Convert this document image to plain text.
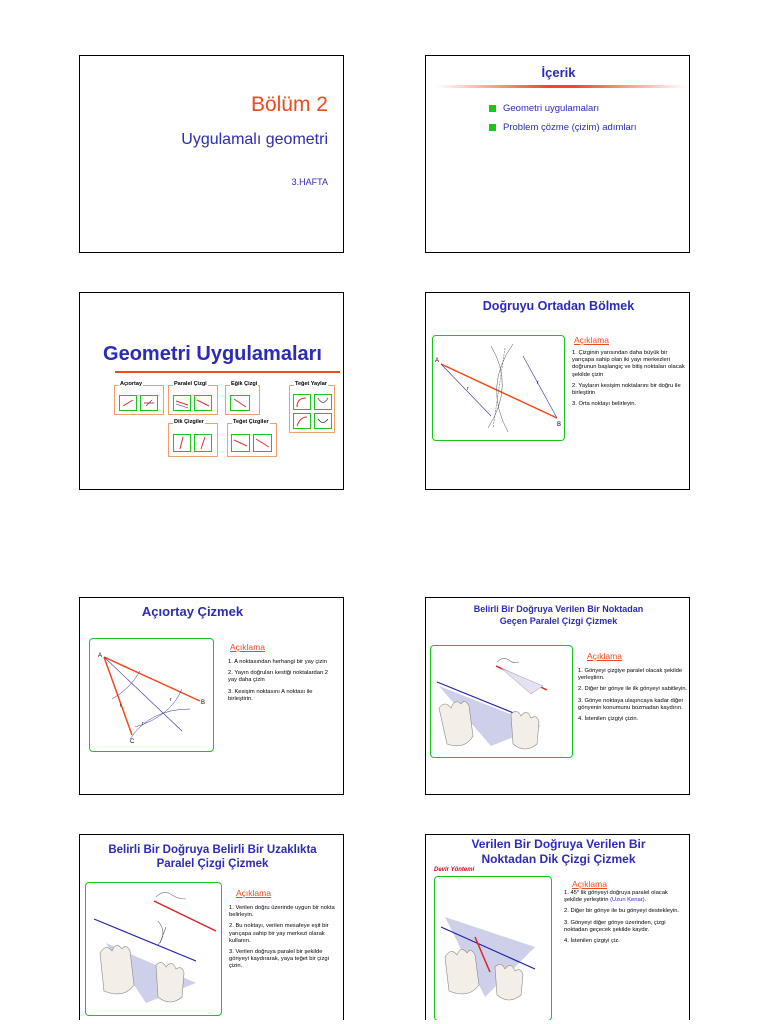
Bölüm 2
Uygulamalı geometri
3.HAFTA
İçerik
Geometri uygulamaları
Problem çözme (çizim) adımları
Geometri Uygulamaları
Açıortay	Paralel Çizgi	Eğik Çizgi	Teğet Yaylar
Dik Çizgiler	Teğet Çizgiler
Doğruyu Ortadan Bölmek
A
B
r
r
Açıklama

1. Çizginin yarısından daha büyük bir yarıçapa sahip olan iki yayı merkezleri doğrunun başlangıç ve bitiş noktaları olacak şekilde çizin

2. Yayların kesişim noktalarını bir doğru ile birleştirin

3. Orta noktayı belirleyin.

Açıortay Çizmek
A
B
C
r
r
r
Açıklama

1. A noktasından herhangi bir yay çizin

2. Yayın doğruları kestiği noktalardan 2 yay daha çizin

3. Kesişim noktasını A noktası ile birleştirin.

Belirli Bir Doğruya Verilen Bir Noktadan
Geçen Paralel Çizgi Çizmek
Açıklama

1. Gönyeyi çizgiye paralel olacak şekilde yerleştirin.

2. Diğer bir gönye ile ilk gönyeyi sabitleyin.

3. Gönye noktaya ulaşıncaya kadar diğer gönyenin konumunu bozmadan kaydırın.

4. İstenilen çizgiyi çizin.

Belirli Bir Doğruya Belirli Bir Uzaklıkta
Paralel Çizgi Çizmek
Açıklama

1. Verilen doğru üzerinde uygun bir nokta belirleyin.

2. Bu noktayı, verilen mesafeye eşit bir yarıçapa sahip bir yay merkezi olarak kullanın.

3. Verilen doğruya paralel bir şekilde gönyeyi kaydırarak, yaya teğet bir çizgi çizin.

Verilen Bir Doğruya Verilen Bir
Noktadan Dik Çizgi Çizmek
Devir Yöntemi
Açıklama

1. 45° lik gönyeyi doğruya paralel olacak şekilde yerleştirin (Uzun Kenar).

2. Diğer bir gönye ile bu gönyeyi destekleyin.

3. Gönyeyi diğer gönye üzerinden, çizgi noktadan geçecek şekilde kaydır.

4. İstenilen çizgiyi çiz.
